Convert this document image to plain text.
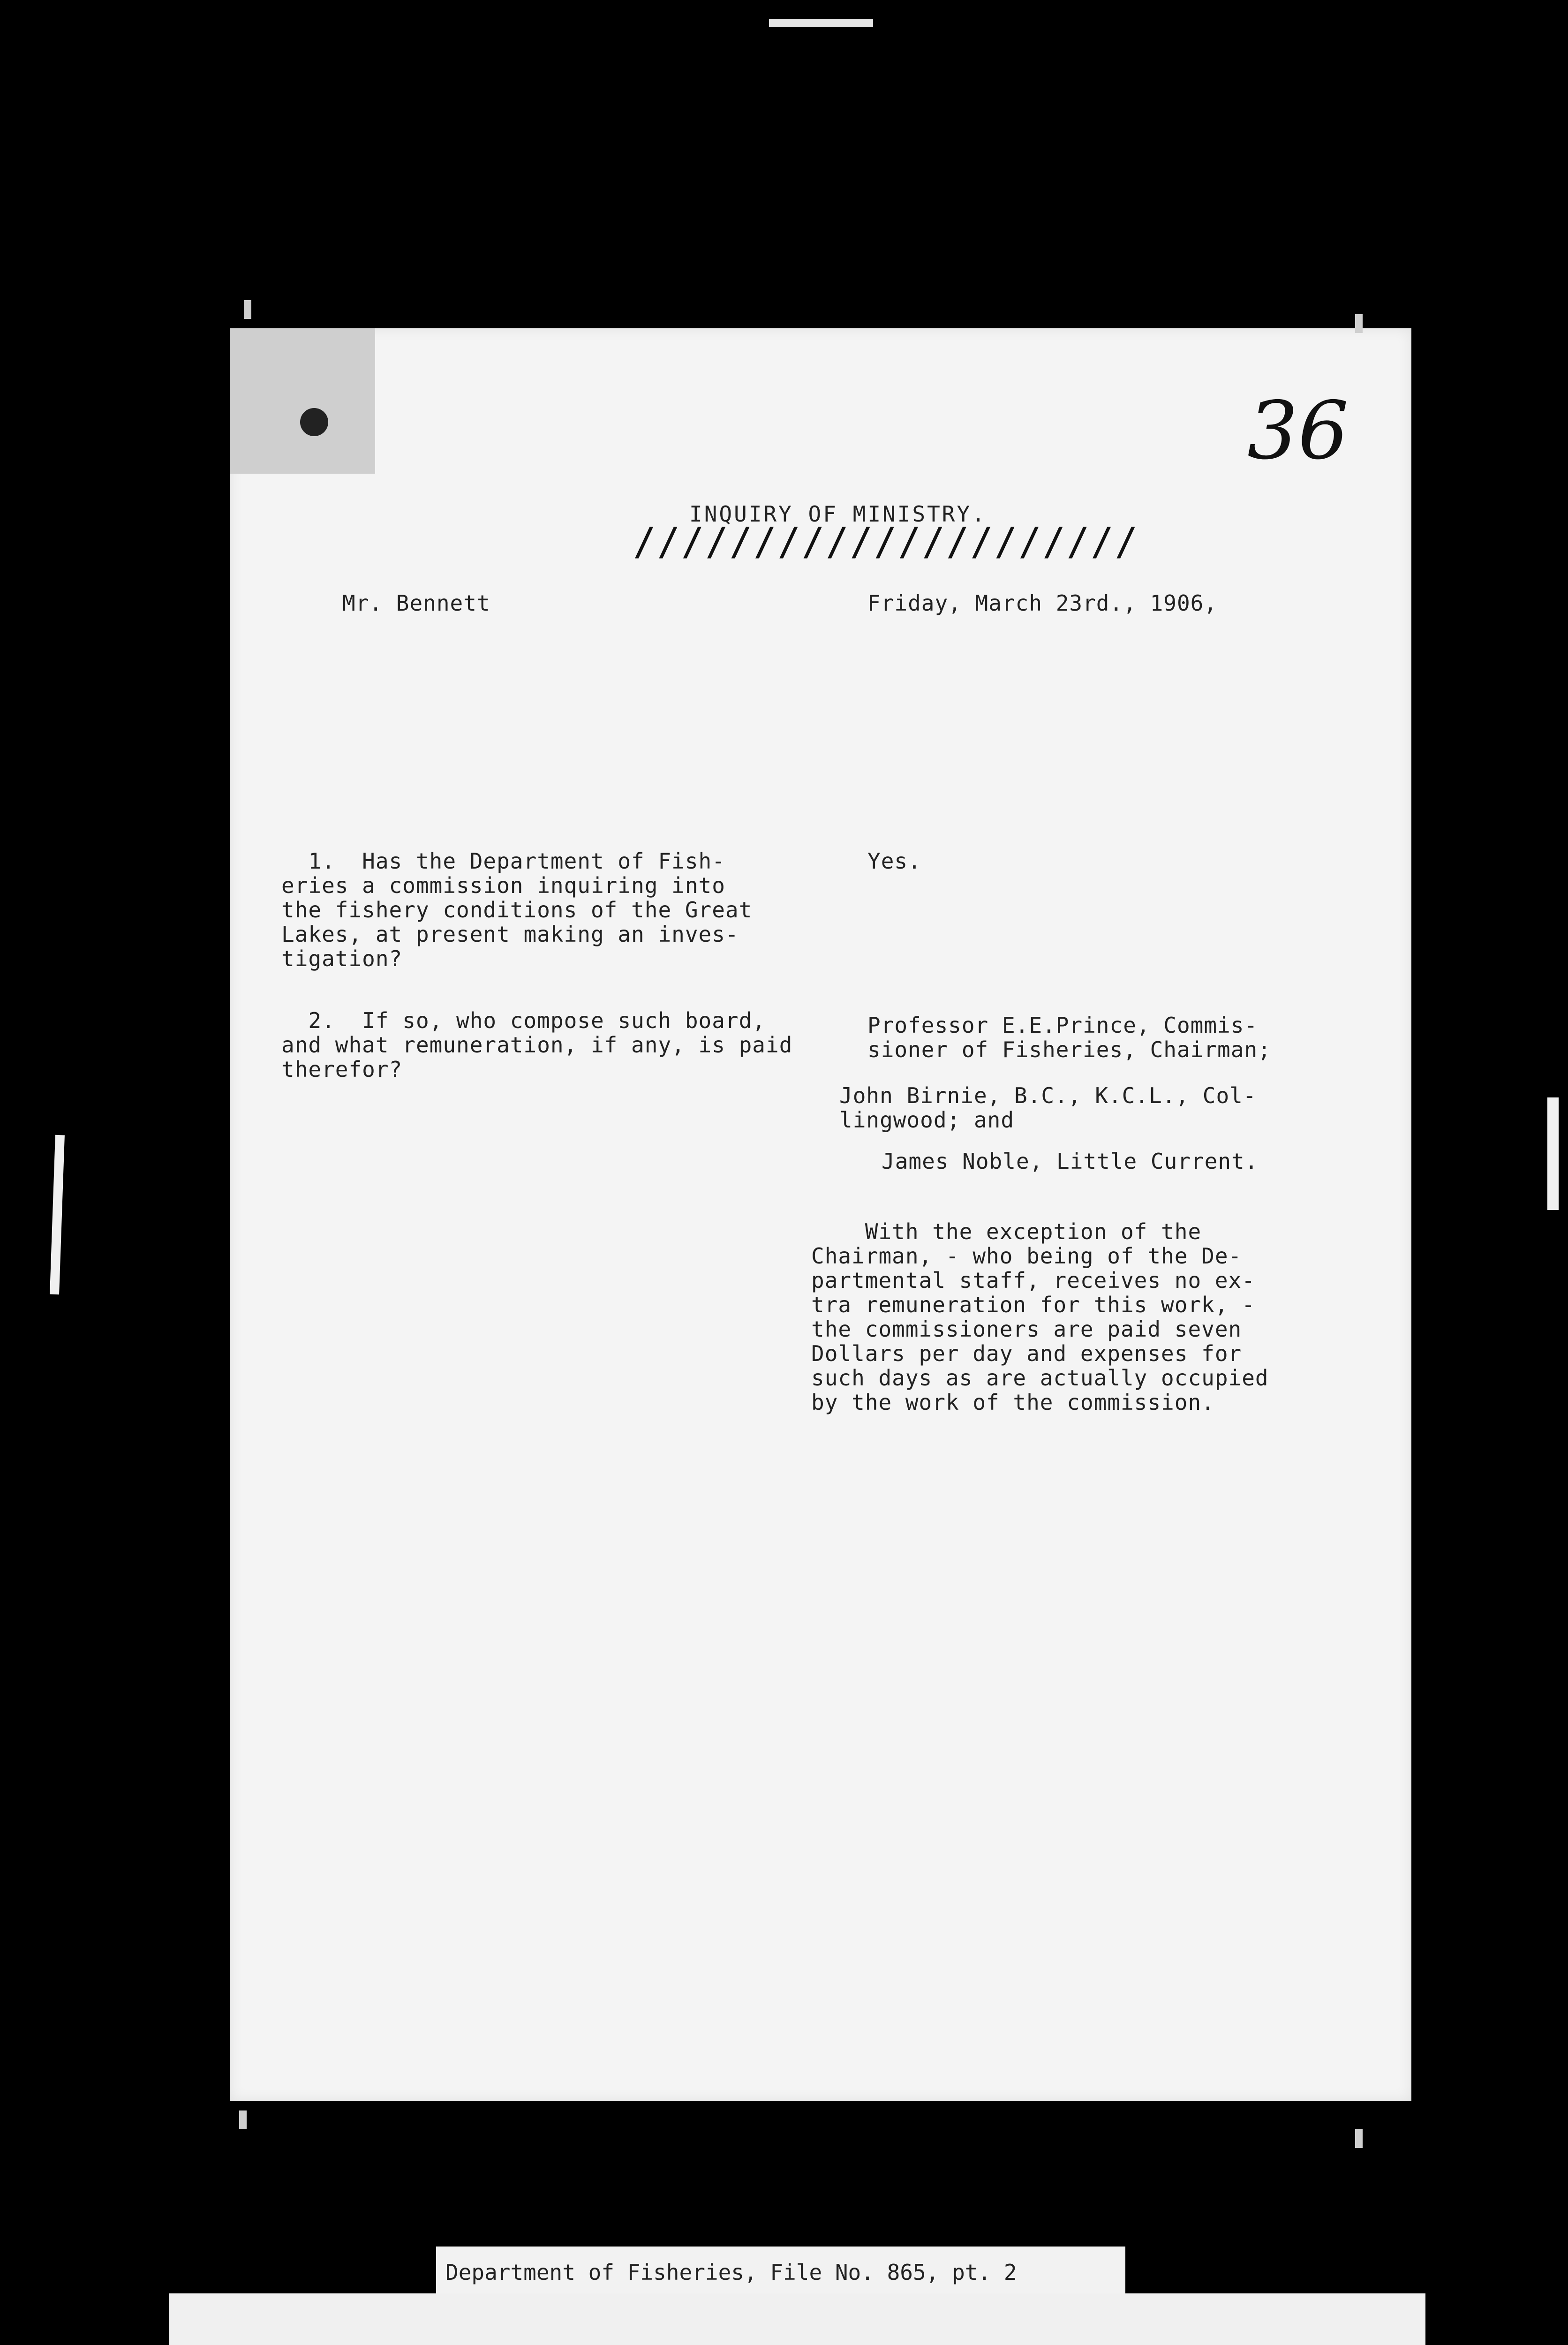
36
INQUIRY OF MINISTRY.
/////////////////////
Mr. Bennett	Friday, March 23rd., 1906,
1.  Has the Department of Fish-
eries a commission inquiring into
the fishery conditions of the Great
Lakes, at present making an inves-
tigation?
2.  If so, who compose such board,
and what remuneration, if any, is paid
therefor?
Yes.
Professor E.E.Prince, Commis-
sioner of Fisheries, Chairman;
John Birnie, B.C., K.C.L., Col-
lingwood; and
James Noble, Little Current.
With the exception of the
Chairman, - who being of the De-
partmental staff, receives no ex-
tra remuneration for this work, -
the commissioners are paid seven
Dollars per day and expenses for
such days as are actually occupied
by the work of the commission.
Department of Fisheries, File No. 865, pt. 2
